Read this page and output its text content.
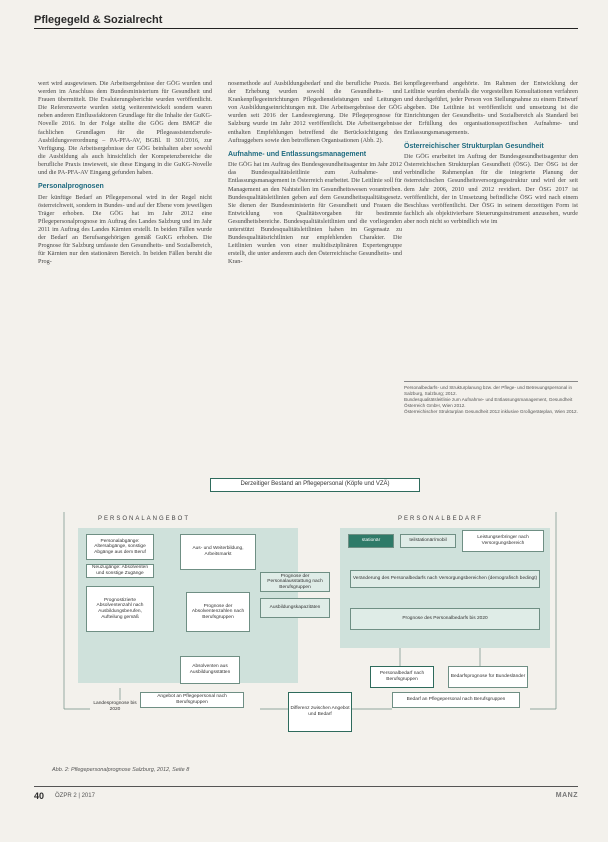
Pflegegeld & Sozialrecht

wert wird ausgewiesen. Die Arbeitsergebnisse der GÖG wurden und werden im Anschluss dem Bundesministerium für Gesundheit und Frauen übermittelt. Die Evaluierungsberichte wurden veröffentlicht. Die Referenzwerte wurden stetig weiterentwickelt sondern waren neben anderen Einflussfaktoren Grundlage für die Inhalte der GuKG-Novelle 2016. In der Folge stellte die GÖG dem BMGF die fachlichen Grundlagen für die Pflegeassistenzberufe-Ausbildungsverordnung – PA-PFA-AV, BGBl. II 301/2016, zur Verfügung. Die Arbeitsergebnisse der GÖG beinhalten aber sowohl die Ausbildung als auch hinsichtlich der Kompetenzbereiche die berufliche Praxis inwieweit, sie diese Eingang in die GuKG-Novelle und die PA-PFA-AV Eingang gefunden haben.

Personalprognosen

Der künftige Bedarf an Pflegepersonal wird in der Regel nicht österreichweit, sondern in Bundes- und auf der Ebene vom jeweiligen Träger erhoben. Die GÖG hat im Jahr 2012 eine Pflegepersonalprognose im Auftrag des Landes Salzburg und im Jahr 2011 im Auftrag des Landes Kärnten erstellt. In beiden Fällen wurde der Bedarf an Berufsangehörigen gemäß GuKG erhoben. Die Prognose für Salzburg umfasste den Gesundheits- und Sozialbereich, für Kärnten nur den stationären Bereich. In beiden Fällen beruht die Prog-

nosemethode auf Ausbildungsbedarf und die berufliche Praxis. Bei der Erhebung wurden sowohl die Gesundheits- und Krankenpflegeeinrichtungen Pflegedienstleistungen und Leitungen von Ausbildungseinrichtungen mit. Die Arbeitsergebnisse der GÖG wurden seit 2016 der Landesregierung. Die Pflegeprognose für Salzburg wurde im Jahr 2012 veröffentlicht. Die Arbeitsergebnisse enthalten Empfehlungen betreffend die Berücksichtigung des Auftraggebers sowie den betroffenen Organisationen (Abb. 2).

Aufnahme- und Entlassungsmanagement

Die GÖG hat im Auftrag des Bundesgesundheitsagentur im Jahr 2012 das Bundesqualitätsleitlinie zum Aufnahme- und Entlassungsmanagement in Österreich erarbeitet. Die Leitlinie soll für Management an den Nahtstellen im Gesundheitswesen vorantreiben. Bundesqualitätsleitlinien geben auf dem Gesundheitsqualitätsgesetz. Sie dienen der Bundesministerin für Gesundheit und Frauen die Entwicklung von Qualitätsvorgaben für bestimmte Gesundheitsbereiche. Bundesqualitätsleitlinien und die vorliegenden unterstützt Bundesqualitätsleitlinien haben im Gegensatz zu Bundesqualitätsrichtlinien nur empfehlenden Charakter. Die Leitlinien wurden von einer multidisziplinären Expertengruppe erstellt, die unter anderem auch den Österreichische Gesundheits- und Kran-

kenpflegeverband angehörte. Im Rahmen der Entwicklung der Leitlinie wurden ebenfalls die vorgestellten Konsultationen verfahren und durchgeführt, jeder Person von Stellungnahme zu einem Entwurf abgeben. Die Leitlinie ist veröffentlicht und umsetzung ist die Einrichtungen der Gesundheits- und Sozialbereich als Standard bei der Erfüllung des organisationsspezifischen Aufnahme- und Entlassungsmanagements.

Österreichischer Strukturplan Gesundheit

Die GÖG erarbeitet im Auftrag der Bundesgesundheitsagentur den Österreichischen Strukturplan Gesundheit (ÖSG). Der ÖSG ist der verbindliche Rahmenplan für die integrierte Planung der österreichischen Gesundheitsversorgungsstruktur und wird der seit dem Jahr 2006, 2010 und 2012 revidiert. Der ÖSG 2017 ist veröffentlicht, der in Umsetzung befindliche ÖSG wird nach einem Beschluss veröffentlicht. Der ÖSG in seinem derzeitigen Form ist fachlich als objektivierbare Steuerungsinstrument anzusehen, wurde aber noch nicht so verbindlich wie im

Personalbedarfs- und Strukturplanung bzw. der Pflege- und Betreuungspersonal in Salzburg, Salzburg; 2012.
Bundesqualitätsleitlinie zum Aufnahme- und Entlassungsmanagement, Gesundheit Österreich GmbH, Wien 2012.
Österreichischer Strukturplan Gesundheit 2012 inklusive Großgeräteplan, Wien 2012.
Derzeitiger Bestand an Pflegepersonal (Köpfe und VZÄ)
PERSONALANGEBOT	PERSONALBEDARF
Personalabgänge: Altersabgänge, sonstige Abgänge aus dem Beruf
Neuzugänge: Absolventen und sonstige Zugänge
Prognostizierte Absolventenzahl nach Ausbildungsberufen, Aufteilung gemäß
Prognose der Absolventenzahlen nach Berufsgruppen
Aus- und Weiterbildung, Arbeitsmarkt
Prognose der Personalausstattung nach Berufsgruppen
Ausbildungskapazitäten
Absolventen aus Ausbildungsstätten
stationär	teilstationär/mobil
Leistungserbringer nach Versorgungsbereich
Veränderung des Personalbedarfs nach Versorgungsbereichen (demografisch bedingt)
Prognose des Personalbedarfs bis 2020
Personalbedarf nach Berufsgruppen
Bedarfsprognose für Bundesländer
Angebot an Pflegepersonal nach Berufsgruppen
Differenz zwischen Angebot und Bedarf
Bedarf an Pflegepersonal nach Berufsgruppen
Landesprognose bis 2020
Abb. 2: Pflegepersonalprognose Salzburg, 2012, Seite 8
40 ÖZPR 2 | 2017	MANZ
